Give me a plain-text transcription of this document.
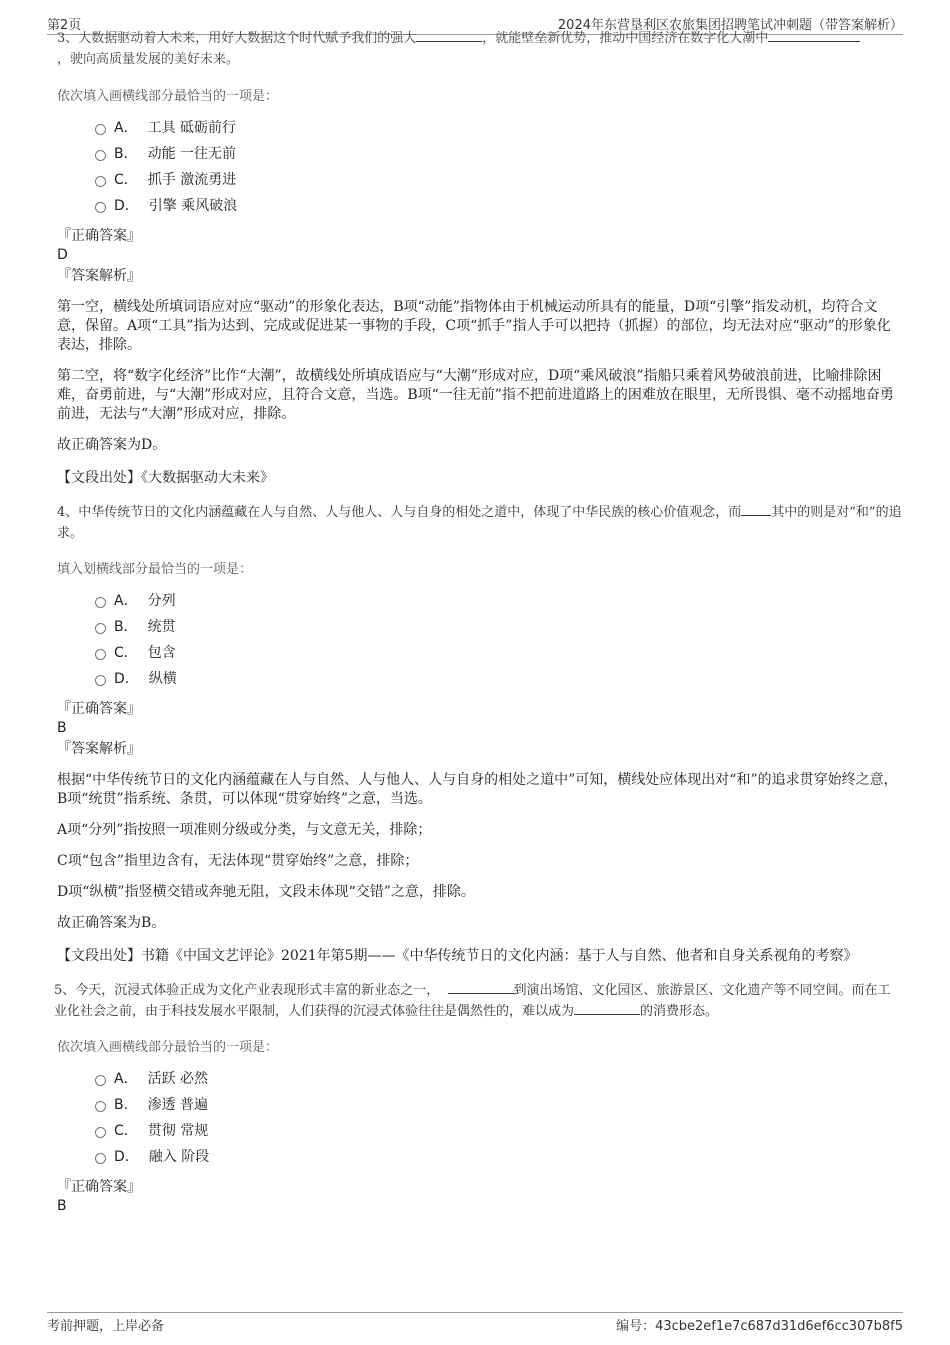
第2页	2024年东营垦利区农旅集团招聘笔试冲刺题（带答案解析）

3、大数据驱动着大未来，用好大数据这个时代赋予我们的强大	，就能壁垒新优势，推动中国经济在数字化大潮中
，驶向高质量发展的美好未来。

依次填入画横线部分最恰当的一项是：

A． 工具 砥砺前行
B． 动能 一往无前
C． 抓手 激流勇进
D． 引擎 乘风破浪
『正确答案』
D
『答案解析』

第一空，横线处所填词语应对应“驱动”的形象化表达，B项“动能”指物体由于机械运动所具有的能量，D项“引擎”指发动机，均符合文意，保留。A项“工具”指为达到、完成或促进某一事物的手段，C项“抓手”指人手可以把持（抓握）的部位，均无法对应“驱动”的形象化表达，排除。

第二空，将“数字化经济”比作“大潮”，故横线处所填成语应与“大潮”形成对应，D项“乘风破浪”指船只乘着风势破浪前进，比喻排除困难，奋勇前进，与“大潮”形成对应，且符合文意，当选。B项“一往无前”指不把前进道路上的困难放在眼里，无所畏惧、毫不动摇地奋勇前进，无法与“大潮”形成对应，排除。

故正确答案为D。

【文段出处】《大数据驱动大未来》

4、中华传统节日的文化内涵蕴藏在人与自然、人与他人、人与自身的相处之道中，体现了中华民族的核心价值观念，而 其中的则是对“和”的追求。

填入划横线部分最恰当的一项是：

A． 分列
B． 统贯
C． 包含
D． 纵横
『正确答案』
B
『答案解析』

根据“中华传统节日的文化内涵蕴藏在人与自然、人与他人、人与自身的相处之道中”可知，横线处应体现出对“和”的追求贯穿始终之意，B项“统贯”指系统、条贯，可以体现“贯穿始终”之意，当选。

A项“分列”指按照一项准则分级或分类，与文意无关，排除；

C项“包含”指里边含有，无法体现“贯穿始终”之意，排除；

D项“纵横”指竖横交错或奔驰无阻，文段未体现“交错”之意，排除。

故正确答案为B。

【文段出处】书籍《中国文艺评论》2021年第5期——《中华传统节日的文化内涵：基于人与自然、他者和自身关系视角的考察》

5、今天，沉浸式体验正成为文化产业表现形式丰富的新业态之一，	到演出场馆、文化园区、旅游景区、文化遗产等不同空间。而在工业化社会之前，由于科技发展水平限制，人们获得的沉浸式体验往往是偶然性的，难以成为	的消费形态。

依次填入画横线部分最恰当的一项是：

A． 活跃 必然
B． 渗透 普遍
C． 贯彻 常规
D． 融入 阶段
『正确答案』
B
考前押题，上岸必备	编号：43cbe2ef1e7c687d31d6ef6cc307b8f5
